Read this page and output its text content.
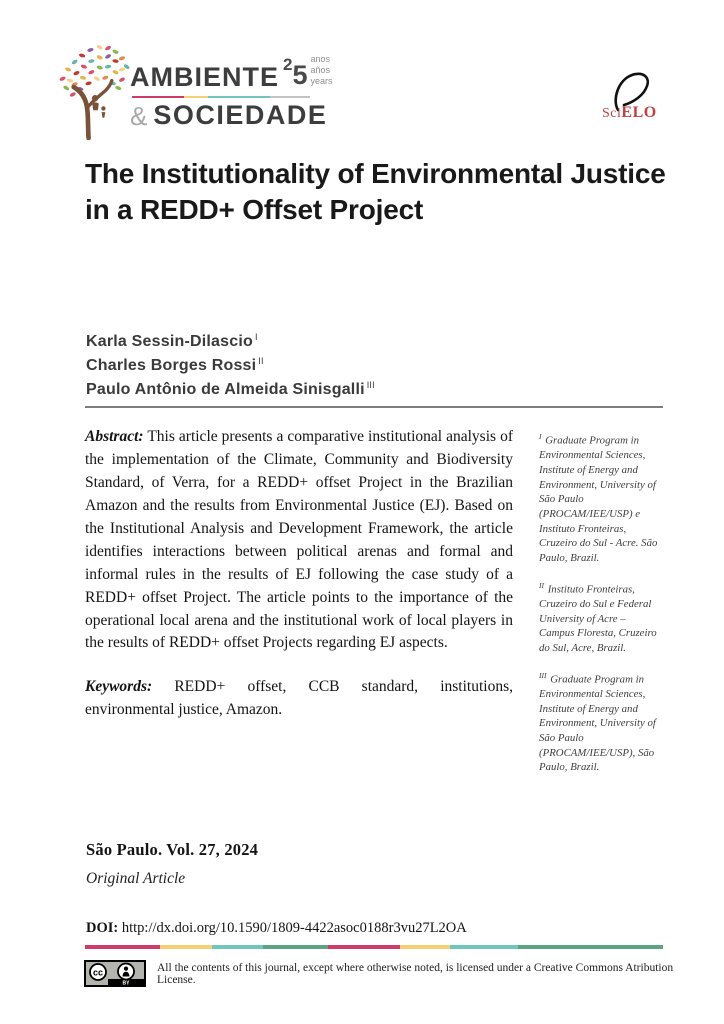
AMBIENTE 2 5
anos
años
years
& SOCIEDADE	SciELO
The Institutionality of Environmental Justice in a REDD+ Offset Project
Karla Sessin-Dilascio $^I$
Charles Borges Rossi $^{II}$
Paulo Antônio de Almeida Sinisgalli $^{III}$

Abstract: This article presents a comparative institutional analysis of the implementation of the Climate, Community and Biodiversity Standard, of Verra, for a REDD+ offset Project in the Brazilian Amazon and the results from Environmental Justice (EJ). Based on the Institutional Analysis and Development Framework, the article identifies interactions between political arenas and formal and informal rules in the results of EJ following the case study of a REDD+ offset Project. The article points to the importance of the operational local arena and the institutional work of local players in the results of REDD+ offset Projects regarding EJ aspects.

Keywords: REDD+ offset, CCB standard, institutions, environmental justice, Amazon.

$^I$ Graduate Program in Environmental Sciences, Institute of Energy and Environment, University of São Paulo (PROCAM/IEE/USP) e Instituto Fronteiras, Cruzeiro do Sul - Acre. São Paulo, Brazil.

$^{II}$ Instituto Fronteiras, Cruzeiro do Sul e Federal University of Acre – Campus Floresta, Cruzeiro do Sul, Acre, Brazil.

$^{III}$ Graduate Program in Environmental Sciences, Institute of Energy and Environment, University of São Paulo (PROCAM/IEE/USP), São Paulo, Brazil.

São Paulo. Vol. 27, 2024
Original Article
DOI: http://dx.doi.org/10.1590/1809-4422asoc0188r3vu27L2OA
cc
BY
All the contents of this journal, except where otherwise noted, is licensed under a Creative Commons Atribution License.
